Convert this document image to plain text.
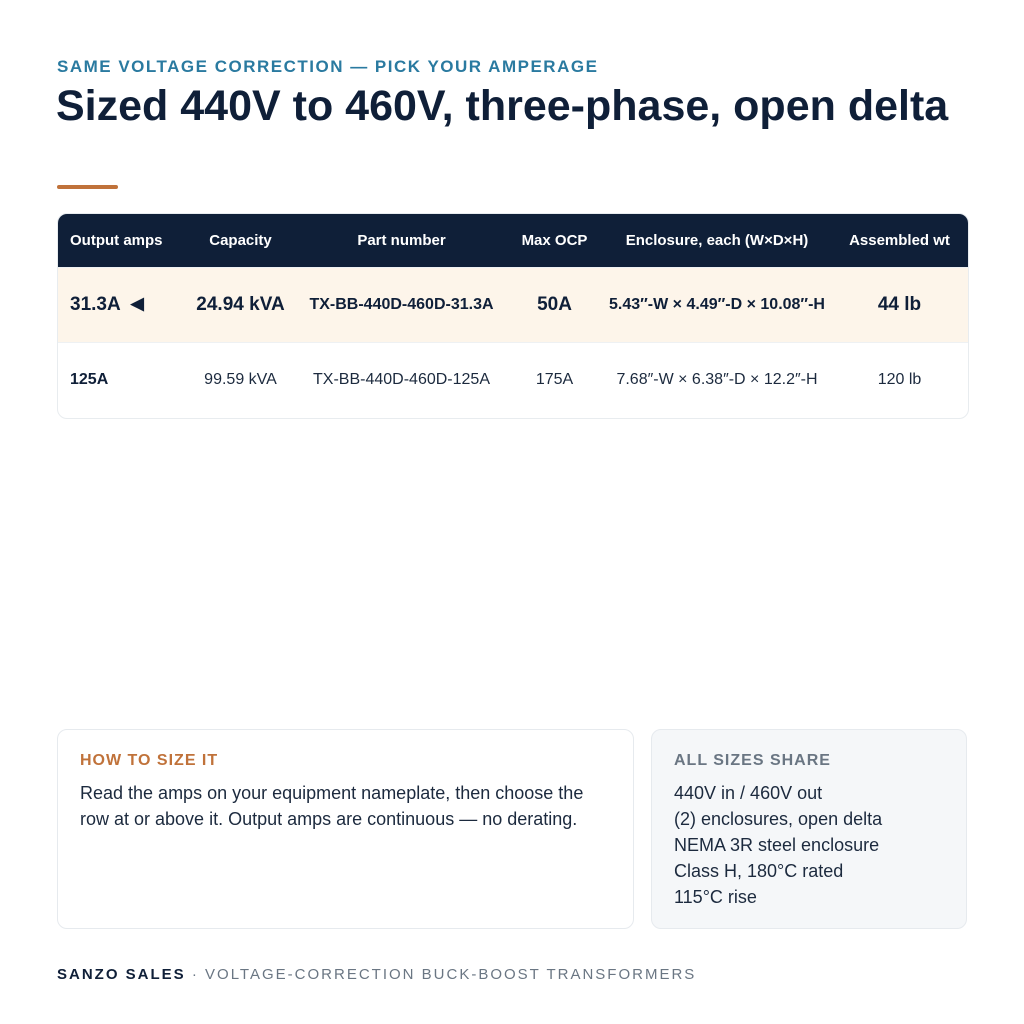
SAME VOLTAGE CORRECTION — PICK YOUR AMPERAGE
Sized 440V to 460V, three-phase, open delta
Output amps	Capacity	Part number	Max OCP	Enclosure, each (W×D×H)	Assembled wt
31.3A ◀	24.94 kVA	TX-BB-440D-460D-31.3A	50A	5.43″-W × 4.49″-D × 10.08″-H	44 lb
125A	99.59 kVA	TX-BB-440D-460D-125A	175A	7.68″-W × 6.38″-D × 12.2″-H	120 lb
HOW TO SIZE IT

Read the amps on your equipment nameplate, then choose the row at or above it. Output amps are continuous — no derating.

ALL SIZES SHARE
440V in / 460V out
(2) enclosures, open delta
NEMA 3R steel enclosure
Class H, 180°C rated
115°C rise
SANZO SALES · VOLTAGE-CORRECTION BUCK-BOOST TRANSFORMERS
